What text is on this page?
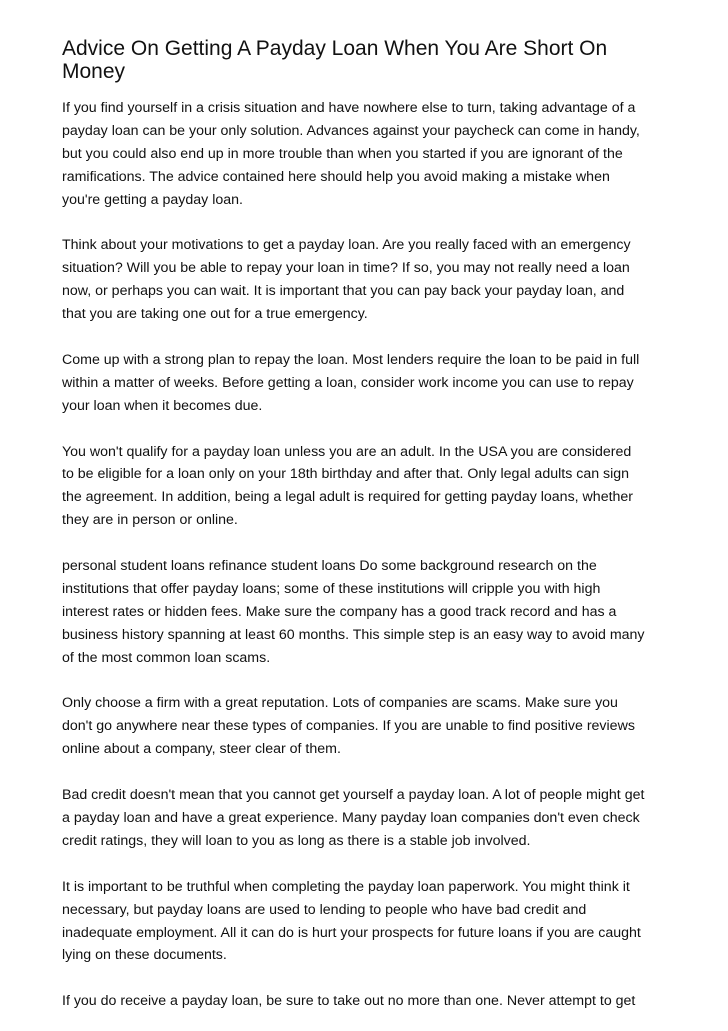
Advice On Getting A Payday Loan When You Are Short On
Money

If you find yourself in a crisis situation and have nowhere else to turn, taking advantage of a
payday loan can be your only solution. Advances against your paycheck can come in handy,
but you could also end up in more trouble than when you started if you are ignorant of the
ramifications. The advice contained here should help you avoid making a mistake when
you're getting a payday loan.

Think about your motivations to get a payday loan. Are you really faced with an emergency
situation? Will you be able to repay your loan in time? If so, you may not really need a loan
now, or perhaps you can wait. It is important that you can pay back your payday loan, and
that you are taking one out for a true emergency.

Come up with a strong plan to repay the loan. Most lenders require the loan to be paid in full
within a matter of weeks. Before getting a loan, consider work income you can use to repay
your loan when it becomes due.

You won't qualify for a payday loan unless you are an adult. In the USA you are considered
to be eligible for a loan only on your 18th birthday and after that. Only legal adults can sign
the agreement. In addition, being a legal adult is required for getting payday loans, whether
they are in person or online.

personal student loans refinance student loans Do some background research on the
institutions that offer payday loans; some of these institutions will cripple you with high
interest rates or hidden fees. Make sure the company has a good track record and has a
business history spanning at least 60 months. This simple step is an easy way to avoid many
of the most common loan scams.

Only choose a firm with a great reputation. Lots of companies are scams. Make sure you
don't go anywhere near these types of companies. If you are unable to find positive reviews
online about a company, steer clear of them.

Bad credit doesn't mean that you cannot get yourself a payday loan. A lot of people might get
a payday loan and have a great experience. Many payday loan companies don't even check
credit ratings, they will loan to you as long as there is a stable job involved.

It is important to be truthful when completing the payday loan paperwork. You might think it
necessary, but payday loans are used to lending to people who have bad credit and
inadequate employment. All it can do is hurt your prospects for future loans if you are caught
lying on these documents.

If you do receive a payday loan, be sure to take out no more than one. Never attempt to get
